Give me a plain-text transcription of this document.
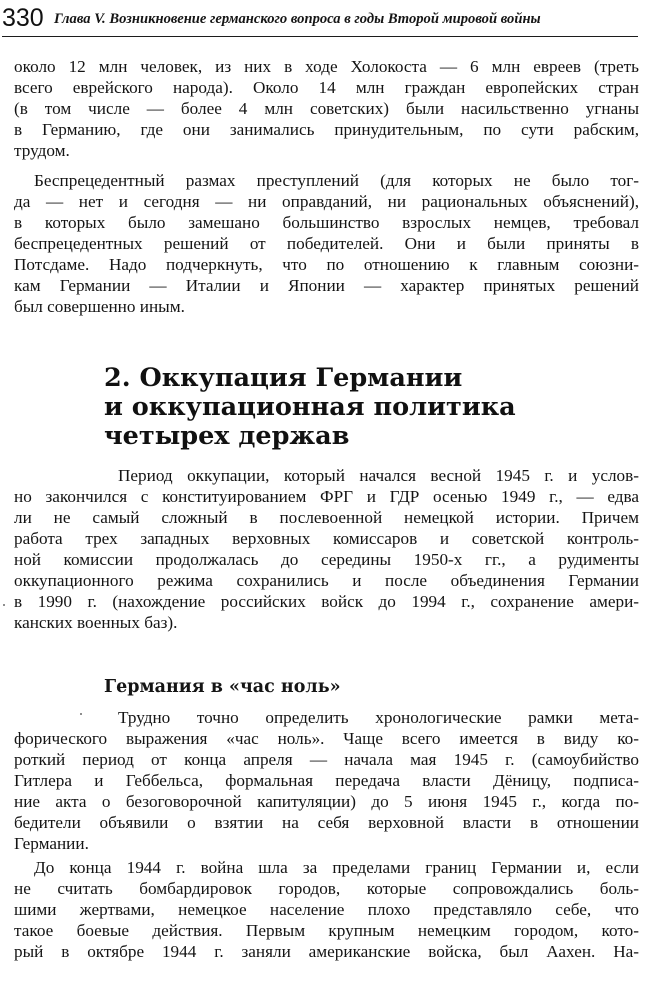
330 Глава V. Возникновение германского вопроса в годы Второй мировой войны

около 12 млн человек, из них в ходе Холокоста — 6 млн евреев (треть
всего еврейского народа). Около 14 млн граждан европейских стран
(в том числе — более 4 млн советских) были насильственно угнаны
в Германию, где они занимались принудительным, по сути рабским,
трудом.

Беспрецедентный размах преступлений (для которых не было тог-
да — нет и сегодня — ни оправданий, ни рациональных объяснений),
в которых было замешано большинство взрослых немцев, требовал
беспрецедентных решений от победителей. Они и были приняты в
Потсдаме. Надо подчеркнуть, что по отношению к главным союзни-
кам Германии — Италии и Японии — характер принятых решений
был совершенно иным.

2. Оккупация Германии
и оккупационная политика
четырех держав

Период оккупации, который начался весной 1945 г. и услов-
но закончился с конституированием ФРГ и ГДР осенью 1949 г., — едва
ли не самый сложный в послевоенной немецкой истории. Причем
работа трех западных верховных комиссаров и советской контроль-
ной комиссии продолжалась до середины 1950-х гг., а рудименты
оккупационного режима сохранились и после объединения Германии
в 1990 г. (нахождение российских войск до 1994 г., сохранение амери-
канских военных баз).

Германия в «час ноль»

Трудно точно определить хронологические рамки мета-
форического выражения «час ноль». Чаще всего имеется в виду ко-
роткий период от конца апреля — начала мая 1945 г. (самоубийство
Гитлера и Геббельса, формальная передача власти Дёницу, подписа-
ние акта о безоговорочной капитуляции) до 5 июня 1945 г., когда по-
бедители объявили о взятии на себя верховной власти в отношении
Германии.

До конца 1944 г. война шла за пределами границ Германии и, если
не считать бомбардировок городов, которые сопровождались боль-
шими жертвами, немецкое население плохо представляло себе, что
такое боевые действия. Первым крупным немецким городом, кото-
рый в октябре 1944 г. заняли американские войска, был Аахен. На-
